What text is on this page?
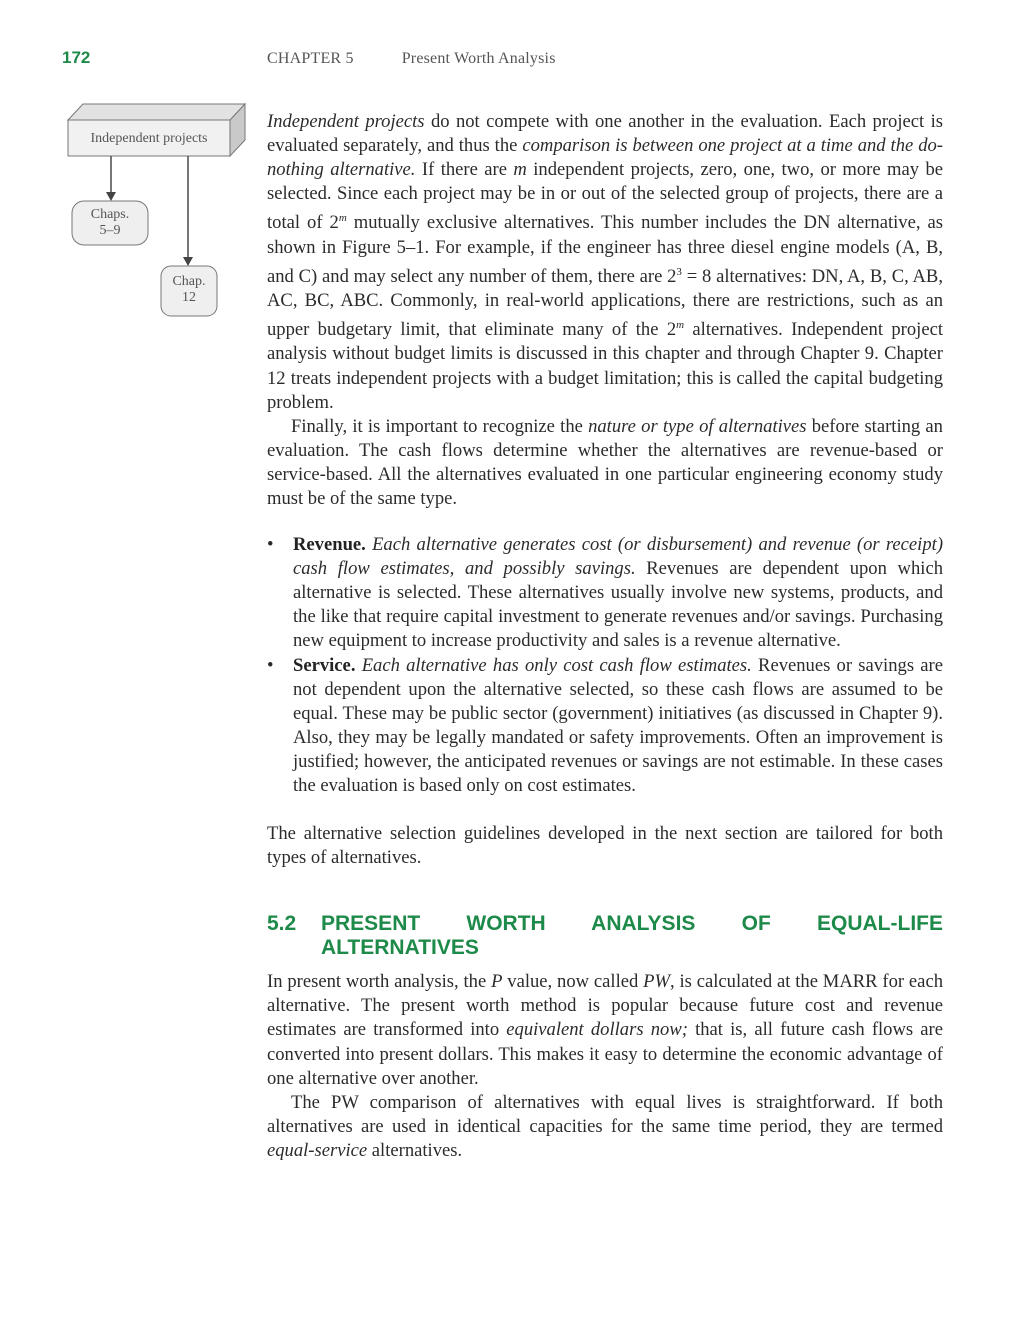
172	CHAPTER 5	Present Worth Analysis
Independent projects
Chaps.
5–9
Chap.
12

Independent projects do not compete with one another in the evaluation. Each project is evaluated separately, and thus the comparison is between one project at a time and the do-nothing alternative. If there are m independent projects, zero, one, two, or more may be selected. Since each project may be in or out of the selected group of projects, there are a total of 2$^m$ mutually exclusive alternatives. This number includes the DN alternative, as shown in Figure 5–1. For example, if the engineer has three diesel engine models (A, B, and C) and may select any number of them, there are $2^3 = 8$ alternatives: DN, A, B, C, AB, AC, BC, ABC. Commonly, in real-world applications, there are restrictions, such as an upper budgetary limit, that eliminate many of the 2$^m$ alternatives. Independent project analysis without budget limits is discussed in this chapter and through Chapter 9. Chapter 12 treats independent projects with a budget limitation; this is called the capital budgeting problem.

Finally, it is important to recognize the nature or type of alternatives before starting an evaluation. The cash flows determine whether the alternatives are revenue-based or service-based. All the alternatives evaluated in one particular engineering economy study must be of the same type.

• Revenue. Each alternative generates cost (or disbursement) and revenue (or receipt) cash flow estimates, and possibly savings. Revenues are dependent upon which alternative is selected. These alternatives usually involve new systems, products, and the like that require capital investment to generate revenues and/or savings. Purchasing new equipment to increase productivity and sales is a revenue alternative.
• Service. Each alternative has only cost cash flow estimates. Revenues or savings are not dependent upon the alternative selected, so these cash flows are assumed to be equal. These may be public sector (government) initiatives (as discussed in Chapter 9). Also, they may be legally mandated or safety improvements. Often an improvement is justified; however, the anticipated revenues or savings are not estimable. In these cases the evaluation is based only on cost estimates.

The alternative selection guidelines developed in the next section are tailored for both types of alternatives.

5.2	PRESENT WORTH ANALYSIS OF EQUAL-LIFE ALTERNATIVES

In present worth analysis, the P value, now called PW, is calculated at the MARR for each alternative. The present worth method is popular because future cost and revenue estimates are transformed into equivalent dollars now; that is, all future cash flows are converted into present dollars. This makes it easy to determine the economic advantage of one alternative over another.

The PW comparison of alternatives with equal lives is straightforward. If both alternatives are used in identical capacities for the same time period, they are termed equal-service alternatives.
